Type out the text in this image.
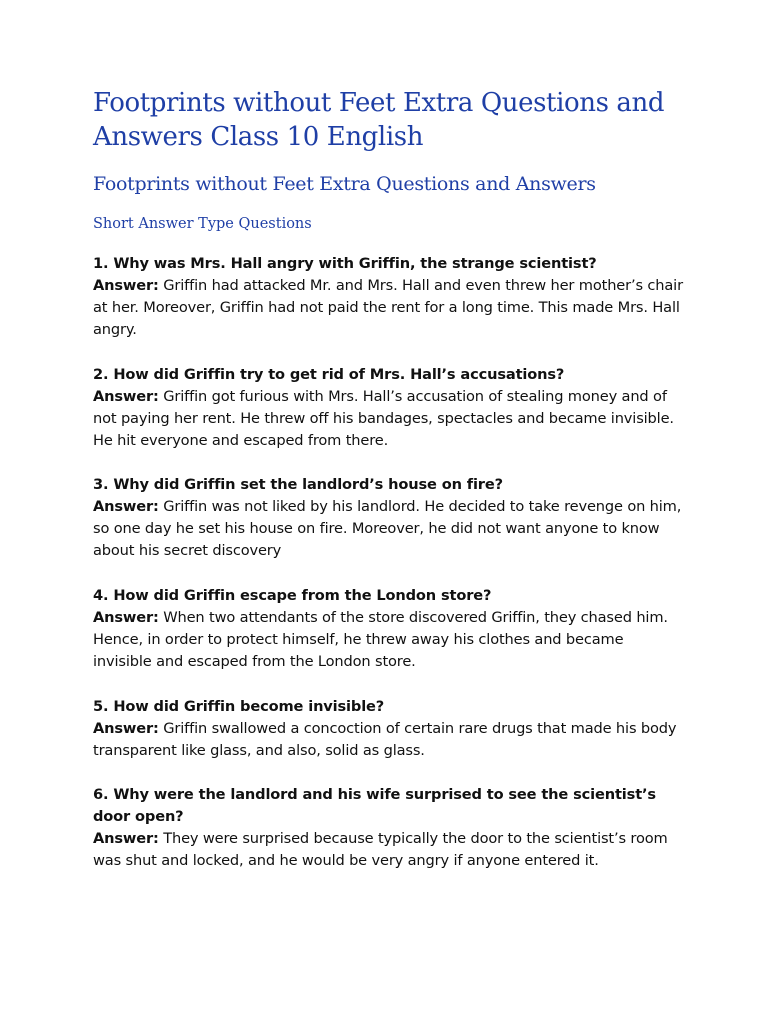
Footprints without Feet Extra Questions and Answers Class 10 English
Footprints without Feet Extra Questions and Answers
Short Answer Type Questions

1. Why was Mrs. Hall angry with Griffin, the strange scientist?

Answer: Griffin had attacked Mr. and Mrs. Hall and even threw her mother’s chair at her. Moreover, Griffin had not paid the rent for a long time. This made Mrs. Hall angry.

2. How did Griffin try to get rid of Mrs. Hall’s accusations?

Answer: Griffin got furious with Mrs. Hall’s accusation of stealing money and of not paying her rent. He threw off his bandages, spectacles and became invisible. He hit everyone and escaped from there.

3. Why did Griffin set the landlord’s house on fire?

Answer: Griffin was not liked by his landlord. He decided to take revenge on him, so one day he set his house on fire. Moreover, he did not want anyone to know about his secret discovery

4. How did Griffin escape from the London store?

Answer: When two attendants of the store discovered Griffin, they chased him. Hence, in order to protect himself, he threw away his clothes and became invisible and escaped from the London store.

5. How did Griffin become invisible?

Answer: Griffin swallowed a concoction of certain rare drugs that made his body transparent like glass, and also, solid as glass.

6. Why were the landlord and his wife surprised to see the scientist’s door open?

Answer: They were surprised because typically the door to the scientist’s room was shut and locked, and he would be very angry if anyone entered it.
